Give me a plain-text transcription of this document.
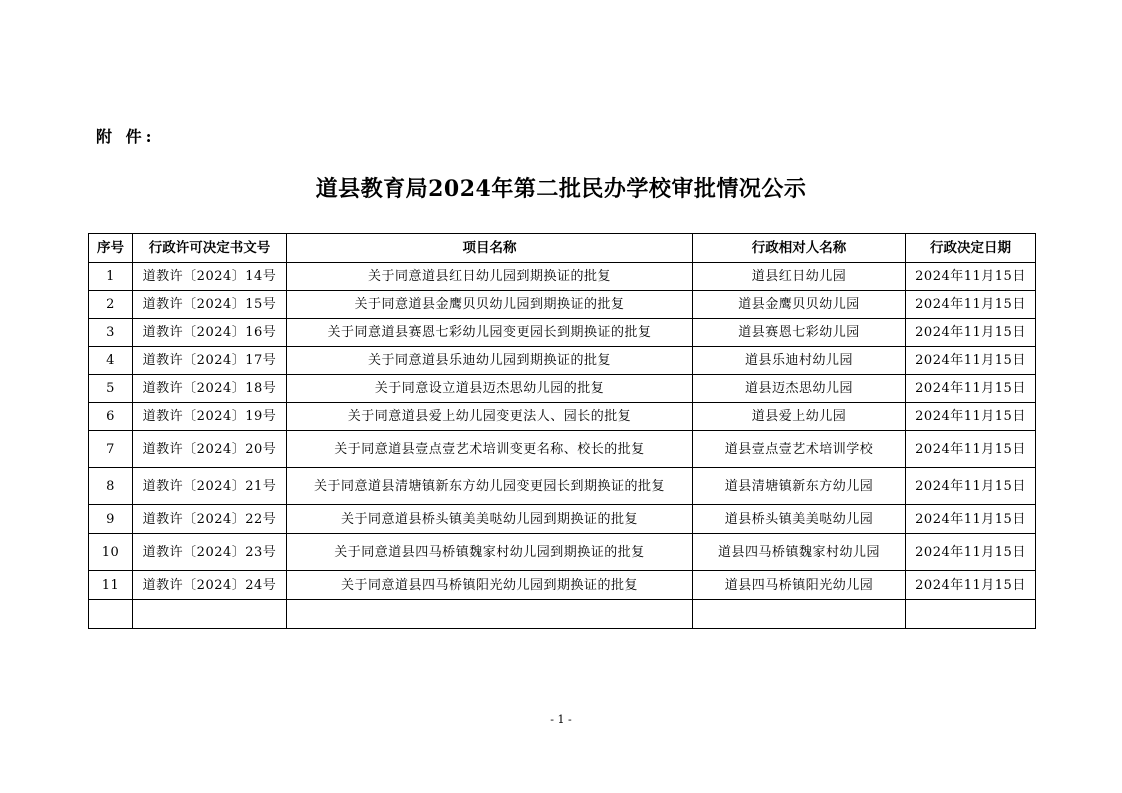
附 件:
道县教育局2024年第二批民办学校审批情况公示
序号	行政许可决定书文号	项目名称	行政相对人名称	行政决定日期
1	道教许〔2024〕14号	关于同意道县红日幼儿园到期换证的批复	道县红日幼儿园	2024年11月15日
2	道教许〔2024〕15号	关于同意道县金鹰贝贝幼儿园到期换证的批复	道县金鹰贝贝幼儿园	2024年11月15日
3	道教许〔2024〕16号	关于同意道县赛恩七彩幼儿园变更园长到期换证的批复	道县赛恩七彩幼儿园	2024年11月15日
4	道教许〔2024〕17号	关于同意道县乐迪幼儿园到期换证的批复	道县乐迪村幼儿园	2024年11月15日
5	道教许〔2024〕18号	关于同意设立道县迈杰思幼儿园的批复	道县迈杰思幼儿园	2024年11月15日
6	道教许〔2024〕19号	关于同意道县爱上幼儿园变更法人、园长的批复	道县爱上幼儿园	2024年11月15日
7	道教许〔2024〕20号	关于同意道县壹点壹艺术培训变更名称、校长的批复	道县壹点壹艺术培训学校	2024年11月15日
8	道教许〔2024〕21号	关于同意道县清塘镇新东方幼儿园变更园长到期换证的批复	道县清塘镇新东方幼儿园	2024年11月15日
9	道教许〔2024〕22号	关于同意道县桥头镇美美哒幼儿园到期换证的批复	道县桥头镇美美哒幼儿园	2024年11月15日
10	道教许〔2024〕23号	关于同意道县四马桥镇魏家村幼儿园到期换证的批复	道县四马桥镇魏家村幼儿园	2024年11月15日
11	道教许〔2024〕24号	关于同意道县四马桥镇阳光幼儿园到期换证的批复	道县四马桥镇阳光幼儿园	2024年11月15日

- 1 -
